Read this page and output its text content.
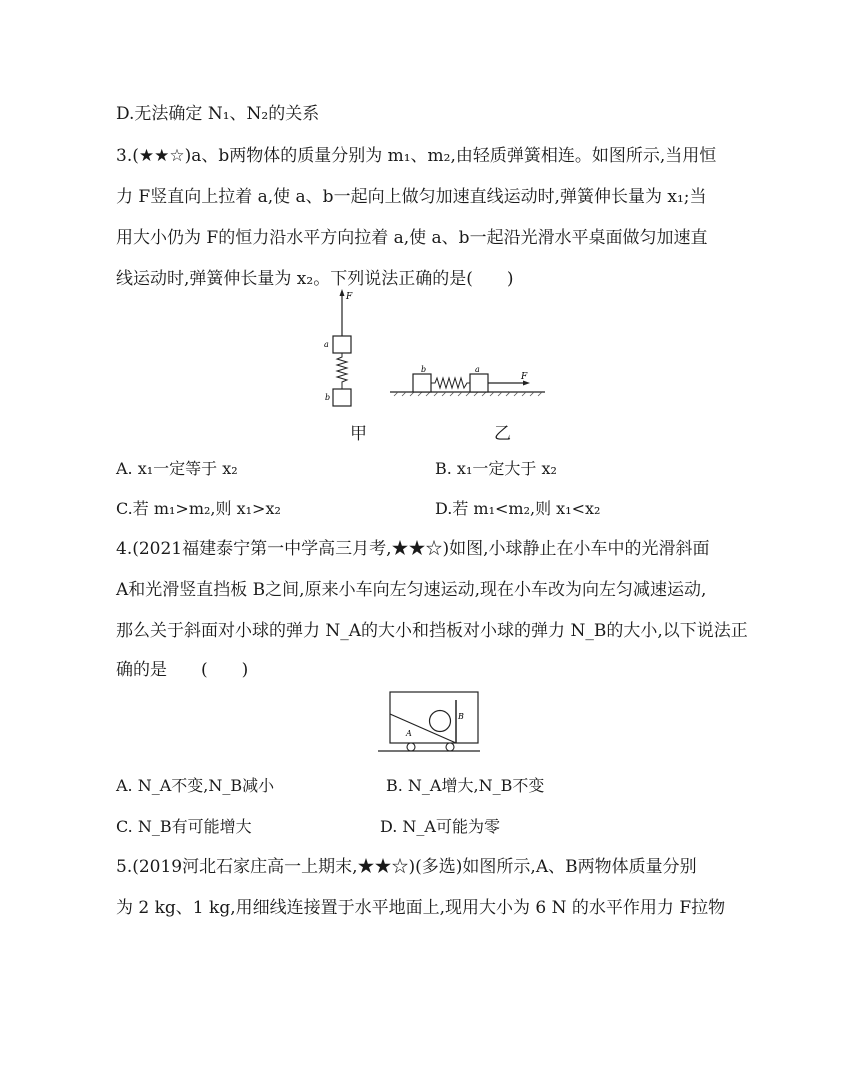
D.无法确定 N₁、N₂的关系
3.(★★☆)a、b两物体的质量分别为 m₁、m₂,由轻质弹簧相连。如图所示,当用恒
力 F竖直向上拉着 a,使 a、b一起向上做匀加速直线运动时,弹簧伸长量为 x₁;当
用大小仍为 F的恒力沿水平方向拉着 a,使 a、b一起沿光滑水平桌面做匀加速直
线运动时,弹簧伸长量为 x₂。下列说法正确的是(　　)
F
a
b
b	a
F
甲	乙
A. x₁一定等于 x₂	B. x₁一定大于 x₂
C.若 m₁>m₂,则 x₁>x₂	D.若 m₁<m₂,则 x₁<x₂
4.(2021福建泰宁第一中学高三月考,★★☆)如图,小球静止在小车中的光滑斜面
A和光滑竖直挡板 B之间,原来小车向左匀速运动,现在小车改为向左匀减速运动,
那么关于斜面对小球的弹力 N_A的大小和挡板对小球的弹力 N_B的大小,以下说法正
确的是　　(　　)
B
A
A. N_A不变,N_B减小	B. N_A增大,N_B不变
C. N_B有可能增大	D. N_A可能为零
5.(2019河北石家庄高一上期末,★★☆)(多选)如图所示,A、B两物体质量分别
为 2 kg、1 kg,用细线连接置于水平地面上,现用大小为 6 N 的水平作用力 F拉物
